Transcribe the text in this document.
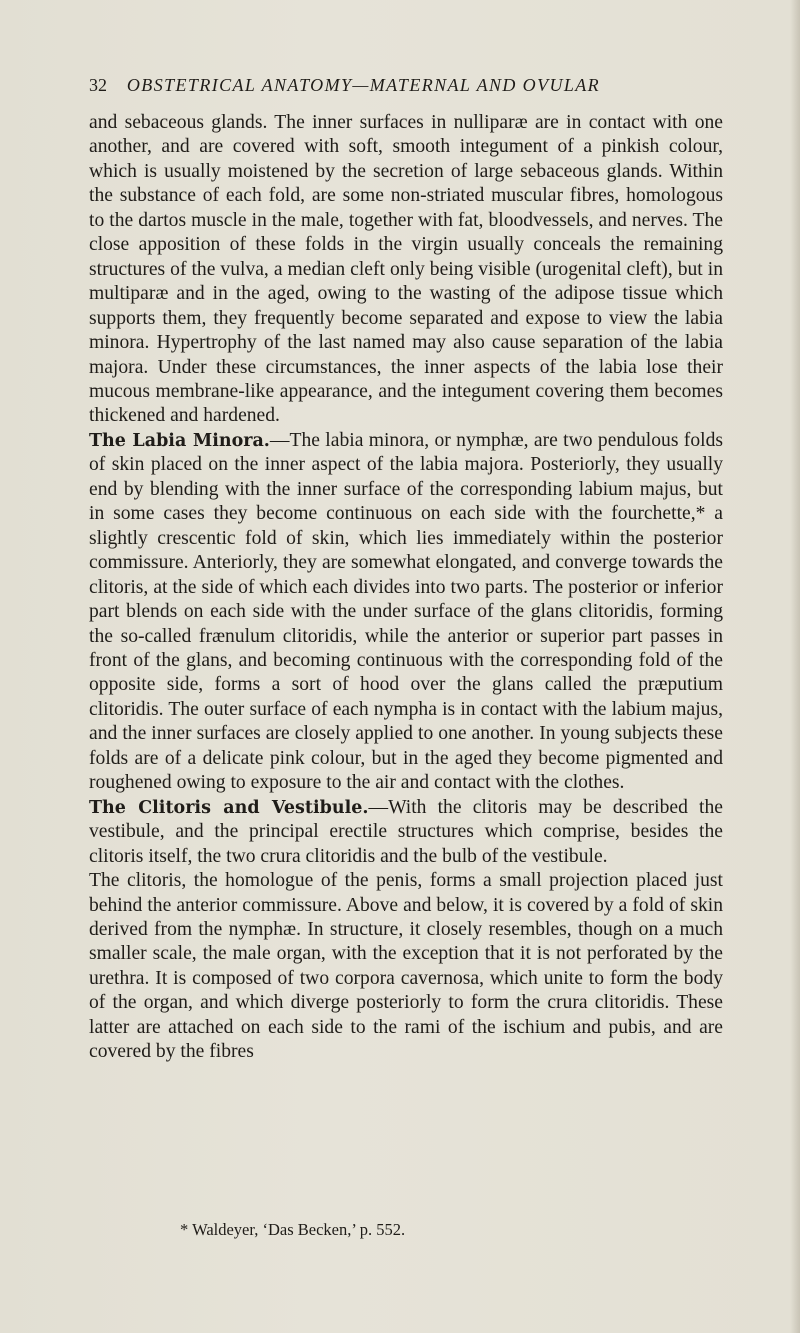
32 OBSTETRICAL ANATOMY—MATERNAL AND OVULAR

and sebaceous glands. The inner surfaces in nulliparæ are in contact with one another, and are covered with soft, smooth integument of a pinkish colour, which is usually moistened by the secretion of large sebaceous glands. Within the substance of each fold, are some non-striated muscular fibres, homologous to the dartos muscle in the male, together with fat, bloodvessels, and nerves. The close apposition of these folds in the virgin usually conceals the remaining structures of the vulva, a median cleft only being visible (urogenital cleft), but in multiparæ and in the aged, owing to the wasting of the adipose tissue which supports them, they frequently become separated and expose to view the labia minora. Hypertrophy of the last named may also cause separation of the labia majora. Under these circumstances, the inner aspects of the labia lose their mucous membrane-like appearance, and the integument covering them becomes thickened and hardened.

The Labia Minora.—The labia minora, or nymphæ, are two pendulous folds of skin placed on the inner aspect of the labia majora. Posteriorly, they usually end by blending with the inner surface of the corresponding labium majus, but in some cases they become continuous on each side with the fourchette,* a slightly crescentic fold of skin, which lies immediately within the posterior commissure. Anteriorly, they are somewhat elongated, and converge towards the clitoris, at the side of which each divides into two parts. The posterior or inferior part blends on each side with the under surface of the glans clitoridis, forming the so-called frænulum clitoridis, while the anterior or superior part passes in front of the glans, and becoming continuous with the corresponding fold of the opposite side, forms a sort of hood over the glans called the præputium clitoridis. The outer surface of each nympha is in contact with the labium majus, and the inner surfaces are closely applied to one another. In young subjects these folds are of a delicate pink colour, but in the aged they become pigmented and roughened owing to exposure to the air and contact with the clothes.

The Clitoris and Vestibule.—With the clitoris may be described the vestibule, and the principal erectile structures which comprise, besides the clitoris itself, the two crura clitoridis and the bulb of the vestibule.

The clitoris, the homologue of the penis, forms a small projection placed just behind the anterior commissure. Above and below, it is covered by a fold of skin derived from the nymphæ. In structure, it closely resembles, though on a much smaller scale, the male organ, with the exception that it is not perforated by the urethra. It is composed of two corpora cavernosa, which unite to form the body of the organ, and which diverge posteriorly to form the crura clitoridis. These latter are attached on each side to the rami of the ischium and pubis, and are covered by the fibres

* Waldeyer, ‘Das Becken,’ p. 552.
